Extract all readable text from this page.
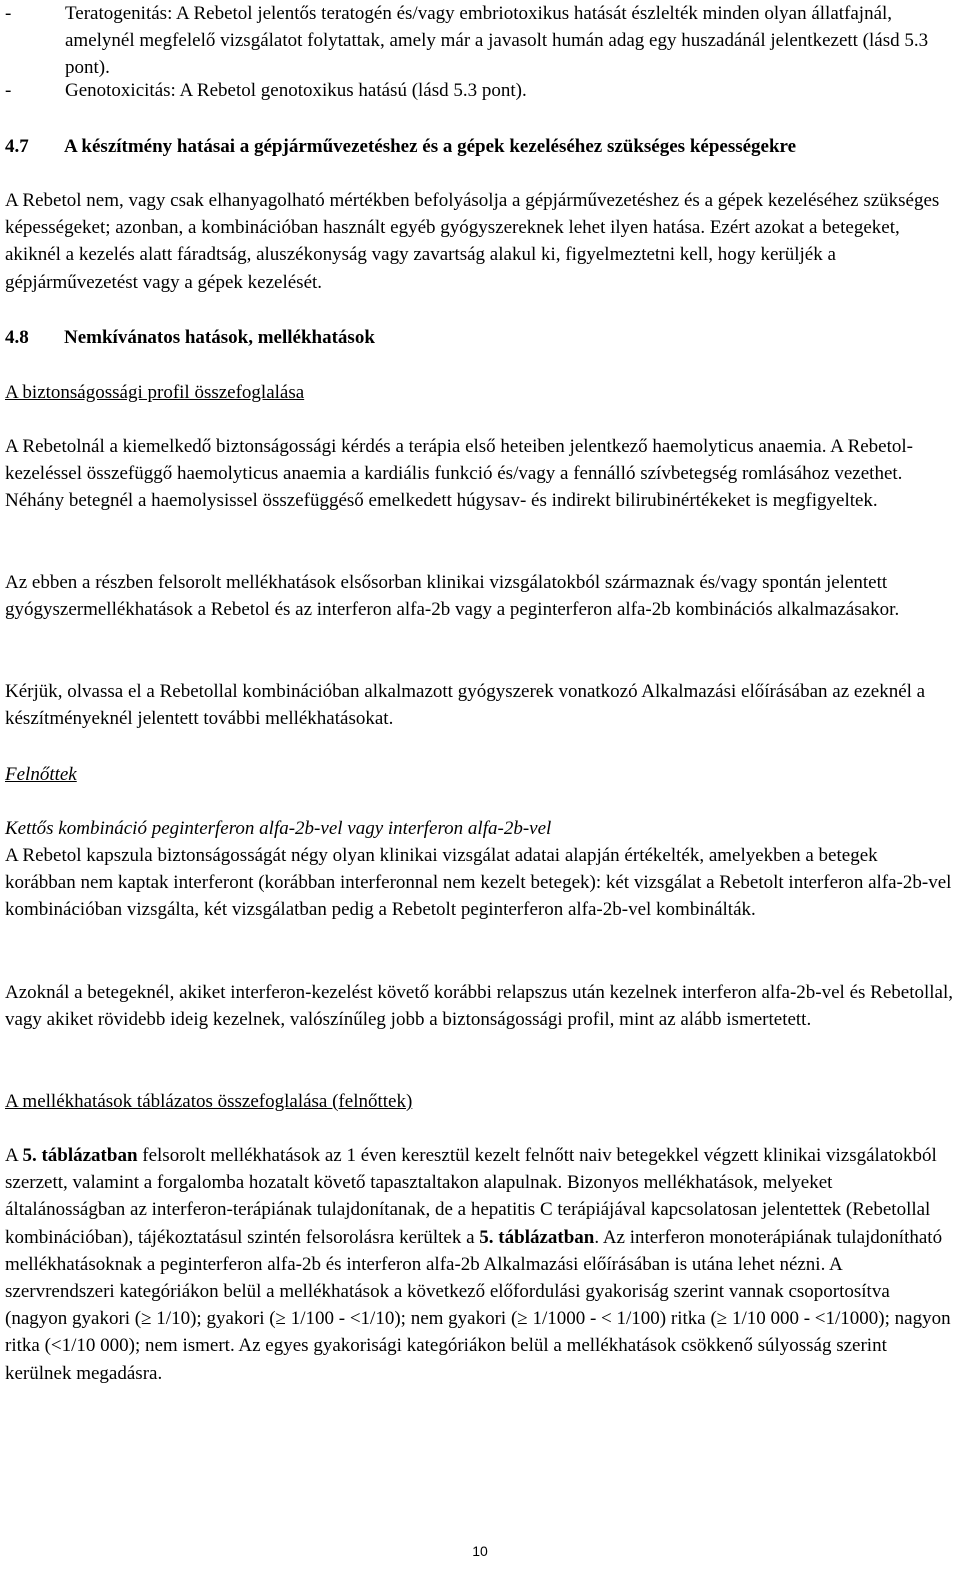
-	Teratogenitás: A Rebetol jelentős teratogén és/vagy embriotoxikus hatását észlelték minden olyan állatfajnál, amelynél megfelelő vizsgálatot folytattak, amely már a javasolt humán adag egy huszadánál jelentkezett (lásd 5.3 pont).

-	Genotoxicitás: A Rebetol genotoxikus hatású (lásd 5.3 pont).

4.7 A készítmény hatásai a gépjárművezetéshez és a gépek kezeléséhez szükséges képességekre

A Rebetol nem, vagy csak elhanyagolható mértékben befolyásolja a gépjárművezetéshez és a gépek kezeléséhez szükséges képességeket; azonban, a kombinációban használt egyéb gyógyszereknek lehet ilyen hatása. Ezért azokat a betegeket, akiknél a kezelés alatt fáradtság, aluszékonyság vagy zavartság alakul ki, figyelmeztetni kell, hogy kerüljék a gépjárművezetést vagy a gépek kezelését.

4.8 Nemkívánatos hatások, mellékhatások

A biztonságossági profil összefoglalása

A Rebetolnál a kiemelkedő biztonságossági kérdés a terápia első heteiben jelentkező haemolyticus anaemia. A Rebetol-kezeléssel összefüggő haemolyticus anaemia a kardiális funkció és/vagy a fennálló szívbetegség romlásához vezethet. Néhány betegnél a haemolysissel összefüggéső emelkedett húgysav- és indirekt bilirubinértékeket is megfigyeltek.

Az ebben a részben felsorolt mellékhatások elsősorban klinikai vizsgálatokból származnak és/vagy spontán jelentett gyógyszermellékhatások a Rebetol és az interferon alfa-2b vagy a peginterferon alfa-2b kombinációs alkalmazásakor.

Kérjük, olvassa el a Rebetollal kombinációban alkalmazott gyógyszerek vonatkozó Alkalmazási előírásában az ezeknél a készítményeknél jelentett további mellékhatásokat.

Felnőttek

Kettős kombináció peginterferon alfa-2b-vel vagy interferon alfa-2b-vel

A Rebetol kapszula biztonságosságát négy olyan klinikai vizsgálat adatai alapján értékelték, amelyekben a betegek korábban nem kaptak interferont (korábban interferonnal nem kezelt betegek): két vizsgálat a Rebetolt interferon alfa-2b-vel kombinációban vizsgálta, két vizsgálatban pedig a Rebetolt peginterferon alfa-2b-vel kombinálták.

Azoknál a betegeknél, akiket interferon-kezelést követő korábbi relapszus után kezelnek interferon alfa-2b-vel és Rebetollal, vagy akiket rövidebb ideig kezelnek, valószínűleg jobb a biztonságossági profil, mint az alább ismertetett.

A mellékhatások táblázatos összefoglalása (felnőttek)

A 5. táblázatban felsorolt mellékhatások az 1 éven keresztül kezelt felnőtt naiv betegekkel végzett klinikai vizsgálatokból szerzett, valamint a forgalomba hozatalt követő tapasztaltakon alapulnak. Bizonyos mellékhatások, melyeket általánosságban az interferon-terápiának tulajdonítanak, de a hepatitis C terápiájával kapcsolatosan jelentettek (Rebetollal kombinációban), tájékoztatásul szintén felsorolásra kerültek a 5. táblázatban. Az interferon monoterápiának tulajdonítható mellékhatásoknak a peginterferon alfa-2b és interferon alfa-2b Alkalmazási előírásában is utána lehet nézni. A szervrendszeri kategóriákon belül a mellékhatások a következő előfordulási gyakoriság szerint vannak csoportosítva (nagyon gyakori (≥ 1/10); gyakori (≥ 1/100 - <1/10); nem gyakori (≥ 1/1000 - < 1/100) ritka (≥ 1/10 000 - <1/1000); nagyon ritka (<1/10 000); nem ismert. Az egyes gyakorisági kategóriákon belül a mellékhatások csökkenő súlyosság szerint kerülnek megadásra.

10
